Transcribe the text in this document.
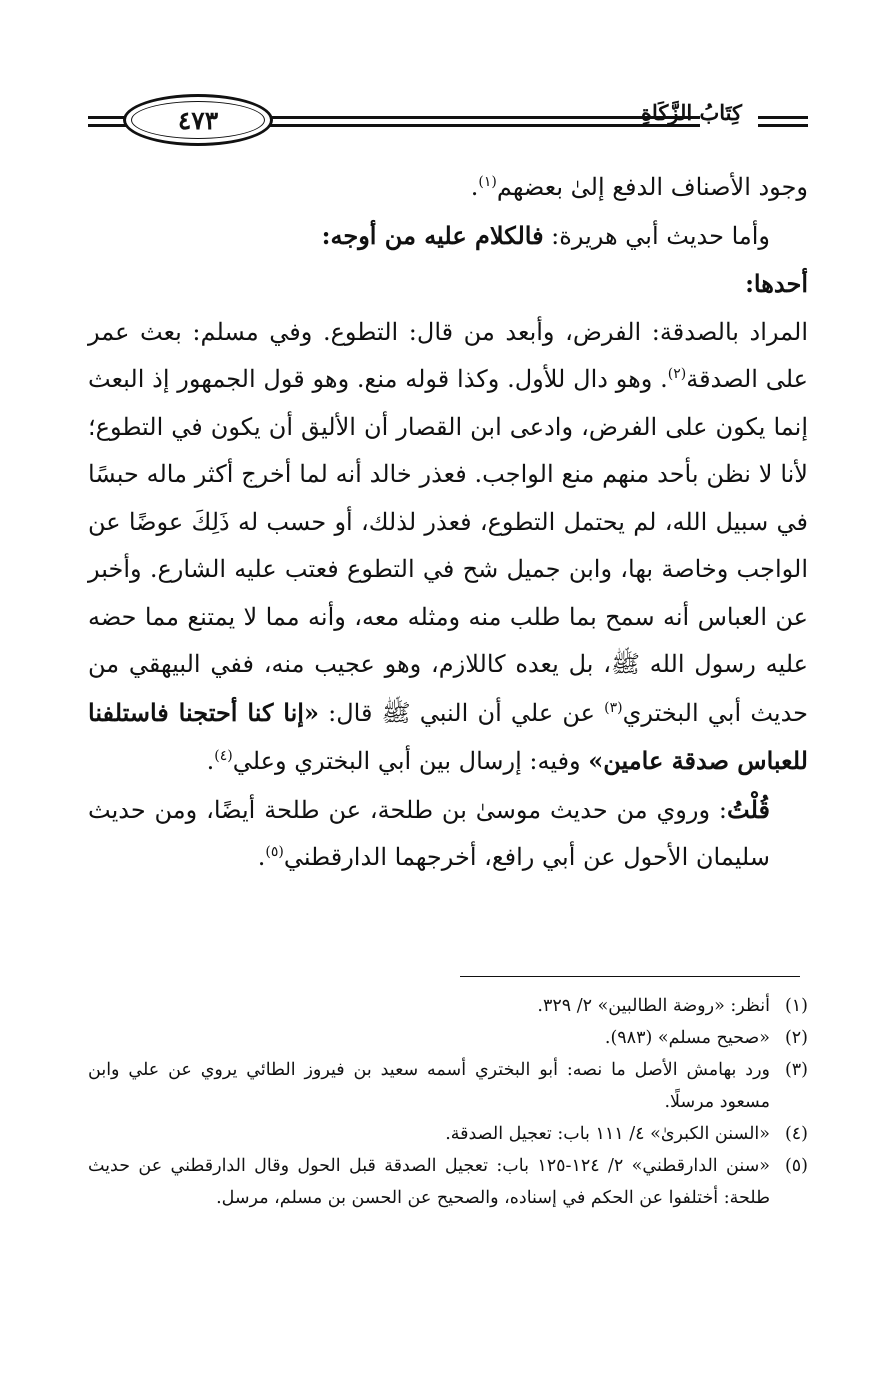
٤٧٣	كِتَابُ الزَّكَاةِ

وجود الأصناف الدفع إلىٰ بعضهم$^{(١)}$.

وأما حديث أبي هريرة: فالكلام عليه من أوجه:

أحدها:

المراد بالصدقة: الفرض، وأبعد من قال: التطوع. وفي مسلم: بعث عمر على الصدقة$^{(٢)}$. وهو دال للأول. وكذا قوله منع. وهو قول الجمهور إذ البعث إنما يكون على الفرض، وادعى ابن القصار أن الأليق أن يكون في التطوع؛ لأنا لا نظن بأحد منهم منع الواجب. فعذر خالد أنه لما أخرج أكثر ماله حبسًا في سبيل الله، لم يحتمل التطوع، فعذر لذلك، أو حسب له ذَلِكَ عوضًا عن الواجب وخاصة بها، وابن جميل شح في التطوع فعتب عليه الشارع. وأخبر عن العباس أنه سمح بما طلب منه ومثله معه، وأنه مما لا يمتنع مما حضه عليه رسول الله ﷺ، بل يعده كاللازم، وهو عجيب منه، ففي البيهقي من حديث أبي البختري$^{(٣)}$ عن علي أن النبي ﷺ قال: «إنا كنا أحتجنا فاستلفنا للعباس صدقة عامين» وفيه: إرسال بين أبي البختري وعلي$^{(٤)}$.

قُلْتُ: وروي من حديث موسىٰ بن طلحة، عن طلحة أيضًا، ومن حديث سليمان الأحول عن أبي رافع، أخرجهما الدارقطني$^{(٥)}$.

(١)
أنظر: «روضة الطالبين» ٢/ ٣٢٩.
(٢)
«صحيح مسلم» (٩٨٣).
(٣)
ورد بهامش الأصل ما نصه: أبو البختري أسمه سعيد بن فيروز الطائي يروي عن علي وابن مسعود مرسلًا.
(٤)
«السنن الكبرىٰ» ٤/ ١١١ باب: تعجيل الصدقة.
(٥)
«سنن الدارقطني» ٢/ ١٢٤-١٢٥ باب: تعجيل الصدقة قبل الحول وقال الدارقطني عن حديث طلحة: أختلفوا عن الحكم في إسناده، والصحيح عن الحسن بن مسلم، مرسل.
